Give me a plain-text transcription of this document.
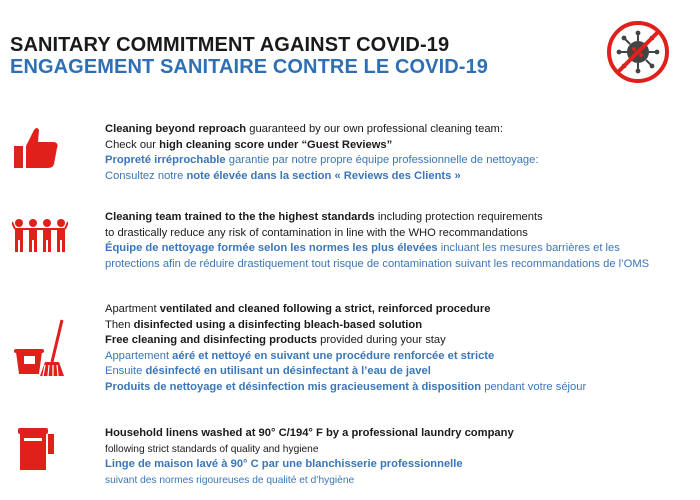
SANITARY COMMITMENT AGAINST COVID-19
ENGAGEMENT SANITAIRE CONTRE LE COVID-19
Cleaning beyond reproach guaranteed by our own professional cleaning team:
Check our high cleaning score under “Guest Reviews”
Propreté irréprochable garantie par notre propre équipe professionnelle de nettoyage:
Consultez notre note élevée dans la section « Reviews des Clients »
Cleaning team trained to the the highest standards including protection requirements
to drastically reduce any risk of contamination in line with the WHO recommandations
Équipe de nettoyage formée selon les normes les plus élevées incluant les mesures barrières et les
protections afin de réduire drastiquement tout risque de contamination suivant les recommandations de l’OMS
Apartment ventilated and cleaned following a strict, reinforced procedure
Then disinfected using a disinfecting bleach-based solution
Free cleaning and disinfecting products provided during your stay
Appartement aéré et nettoyé en suivant une procédure renforcée et stricte
Ensuite désinfecté en utilisant un désinfectant à l’eau de javel
Produits de nettoyage et désinfection mis gracieusement à disposition pendant votre séjour
Household linens washed at 90° C/194° F by a professional laundry company
following strict standards of quality and hygiene
Linge de maison lavé à 90° C par une blanchisserie professionnelle
suivant des normes rigoureuses de qualité et d’hygiène
